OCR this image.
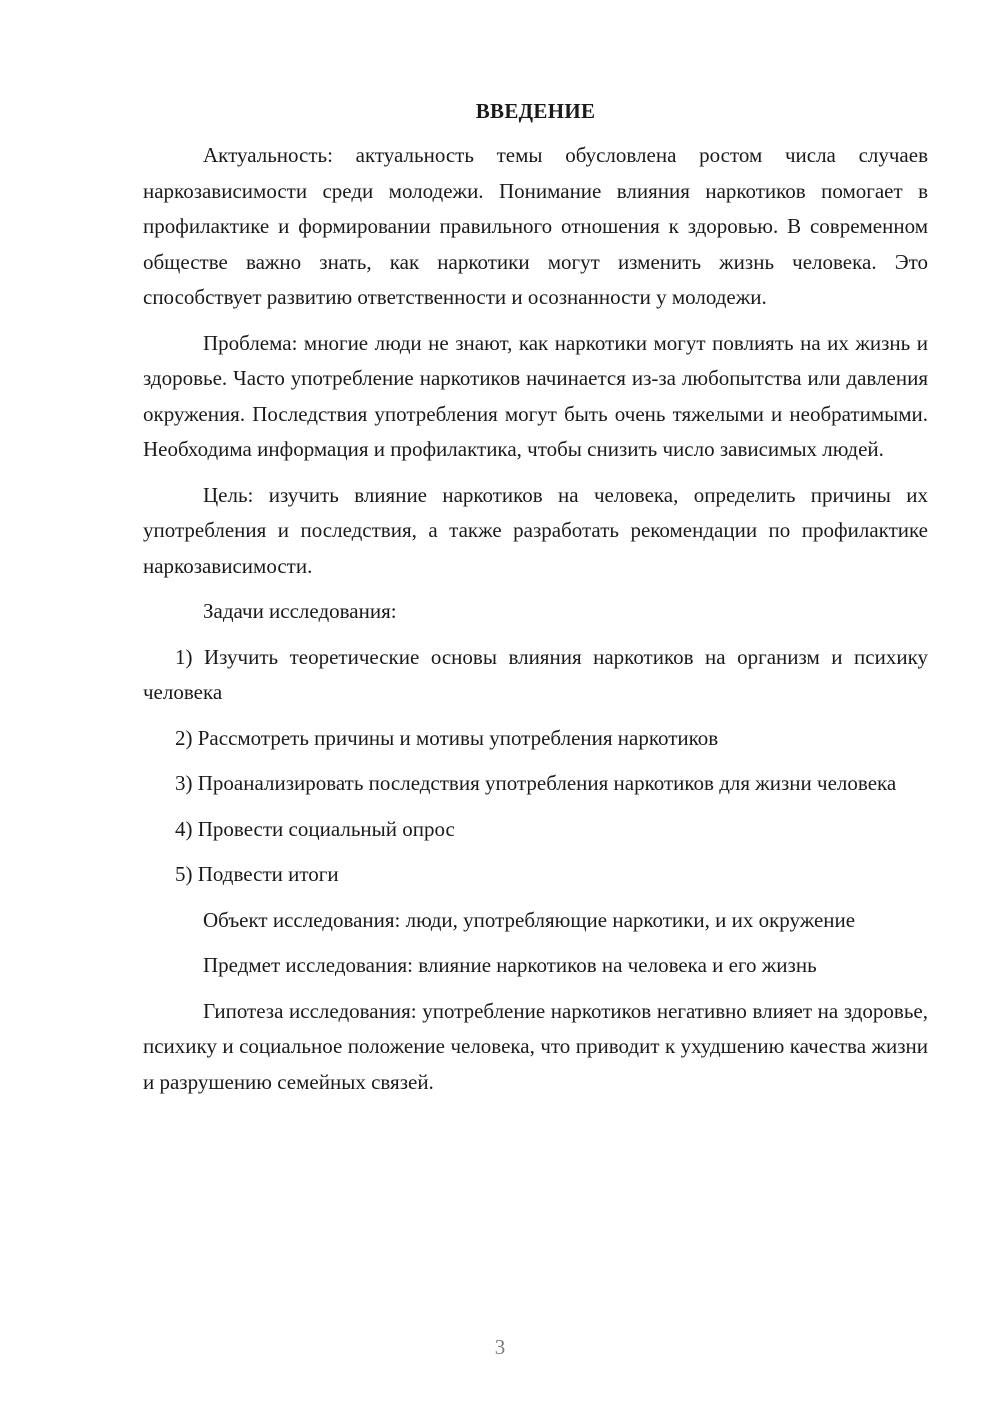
ВВЕДЕНИЕ

Актуальность: актуальность темы обусловлена ростом числа случаев наркозависимости среди молодежи. Понимание влияния наркотиков помогает в профилактике и формировании правильного отношения к здоровью. В современном обществе важно знать, как наркотики могут изменить жизнь человека. Это способствует развитию ответственности и осознанности у молодежи.

Проблема: многие люди не знают, как наркотики могут повлиять на их жизнь и здоровье. Часто употребление наркотиков начинается из-за любопытства или давления окружения. Последствия употребления могут быть очень тяжелыми и необратимыми. Необходима информация и профилактика, чтобы снизить число зависимых людей.

Цель: изучить влияние наркотиков на человека, определить причины их употребления и последствия, а также разработать рекомендации по профилактике наркозависимости.

Задачи исследования:

1) Изучить теоретические основы влияния наркотиков на организм и психику человека

2) Рассмотреть причины и мотивы употребления наркотиков

3) Проанализировать последствия употребления наркотиков для жизни человека

4) Провести социальный опрос

5) Подвести итоги

Объект исследования: люди, употребляющие наркотики, и их окружение

Предмет исследования: влияние наркотиков на человека и его жизнь

Гипотеза исследования: употребление наркотиков негативно влияет на здоровье, психику и социальное положение человека, что приводит к ухудшению качества жизни и разрушению семейных связей.

3
